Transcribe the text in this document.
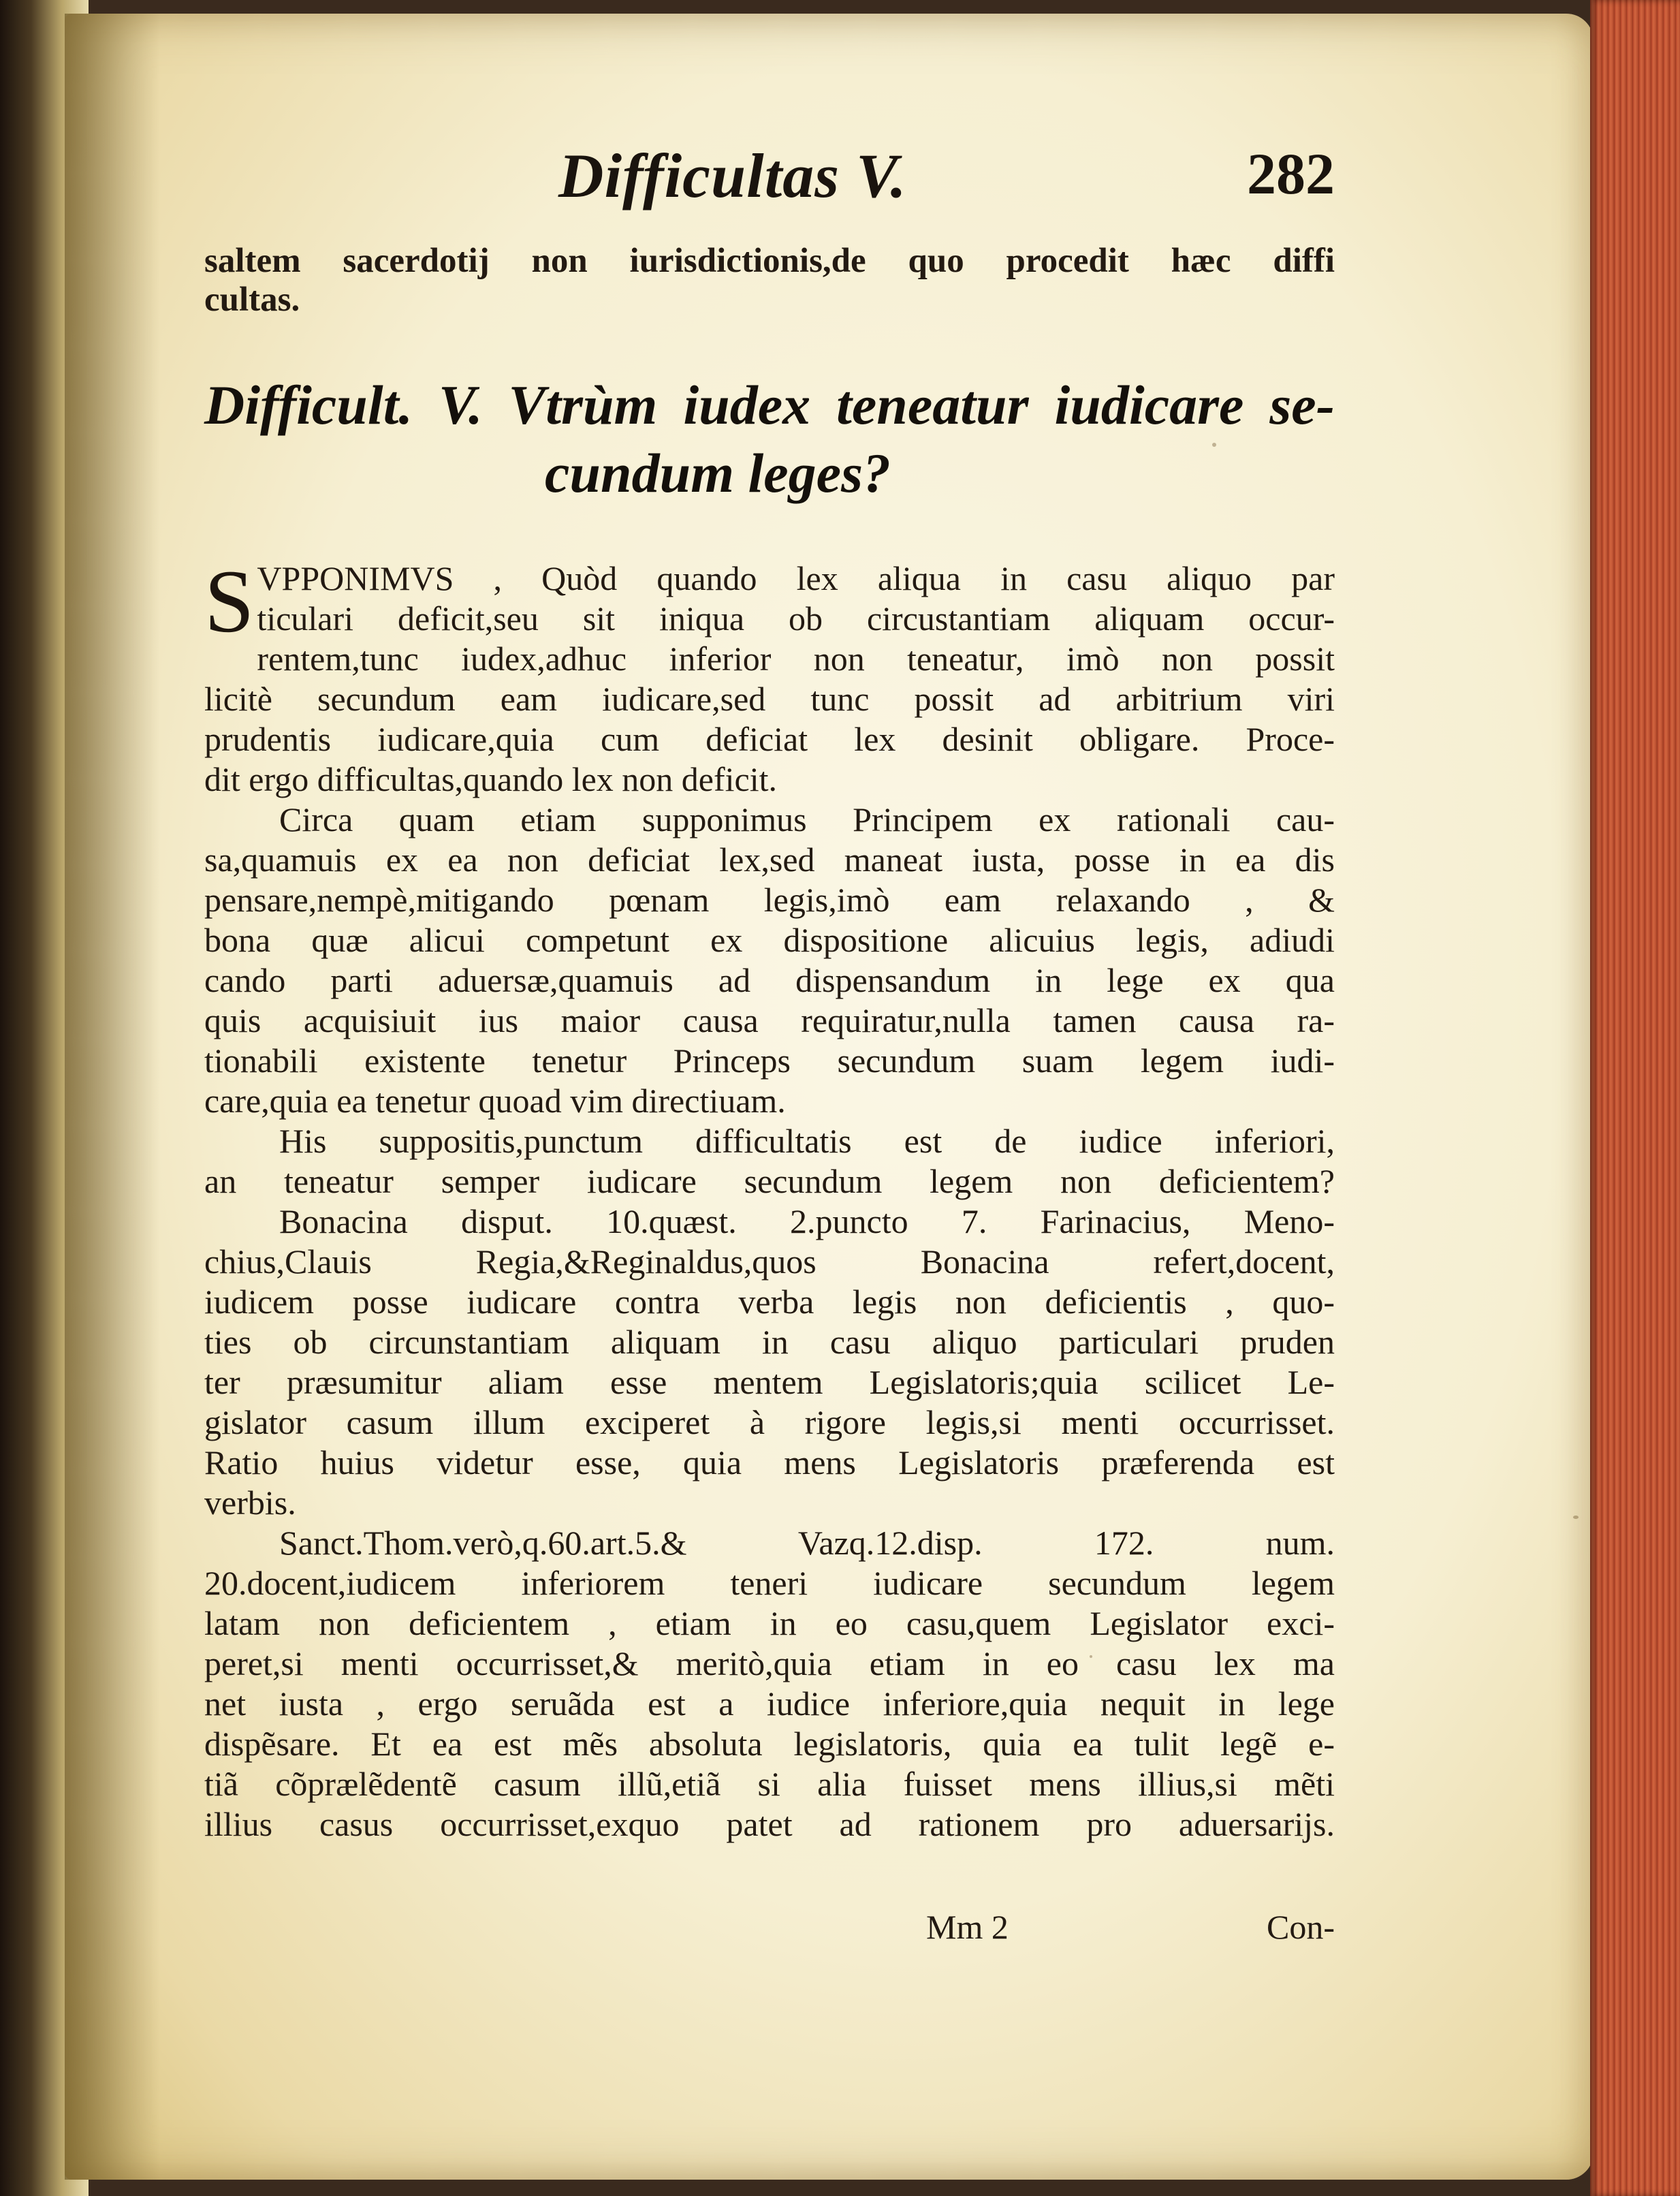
Difficultas V.	282
saltem sacerdotij non iurisdictionis,de quo procedit hæc diffi
cultas.
Difficult. V. Vtrùm iudex teneatur iudicare se-
cundum leges?
S VPPONIMVS , Quòd quando lex aliqua in casu aliquo par
ticulari deficit,seu sit iniqua ob circustantiam aliquam occur-
rentem,tunc iudex,adhuc inferior non teneatur, imò non possit
licitè secundum eam iudicare,sed tunc possit ad arbitrium viri
prudentis iudicare,quia cum deficiat lex desinit obligare. Proce-
dit ergo difficultas,quando lex non deficit.
Circa quam etiam supponimus Principem ex rationali cau-
sa,quamuis ex ea non deficiat lex,sed maneat iusta, posse in ea dis
pensare,nempè,mitigando pœnam legis,imò eam relaxando , &
bona quæ alicui competunt ex dispositione alicuius legis, adiudi
cando parti aduersæ,quamuis ad dispensandum in lege ex qua
quis acquisiuit ius maior causa requiratur,nulla tamen causa ra-
tionabili existente tenetur Princeps secundum suam legem iudi-
care,quia ea tenetur quoad vim directiuam.
His suppositis,punctum difficultatis est de iudice inferiori,
an teneatur semper iudicare secundum legem non deficientem?
Bonacina disput. 10.quæst. 2.puncto 7. Farinacius, Meno-
chius,Clauis Regia,&Reginaldus,quos Bonacina refert,docent,
iudicem posse iudicare contra verba legis non deficientis , quo-
ties ob circunstantiam aliquam in casu aliquo particulari pruden
ter præsumitur aliam esse mentem Legislatoris;quia scilicet Le-
gislator casum illum exciperet à rigore legis,si menti occurrisset.
Ratio huius videtur esse, quia mens Legislatoris præferenda est
verbis.
Sanct.Thom.verò,q.60.art.5.& Vazq.12.disp. 172. num.
20.docent,iudicem inferiorem teneri iudicare secundum legem
latam non deficientem , etiam in eo casu,quem Legislator exci-
peret,si menti occurrisset,& meritò,quia etiam in eo casu lex ma
net iusta , ergo seruãda est a iudice inferiore,quia nequit in lege
dispẽsare. Et ea est mẽs absoluta legislatoris, quia ea tulit legẽ e-
tiã cõprælẽdentẽ casum illũ,etiã si alia fuisset mens illius,si mẽti
illius casus occurrisset,exquo patet ad rationem pro aduersarijs.
Mm 2	Con-
